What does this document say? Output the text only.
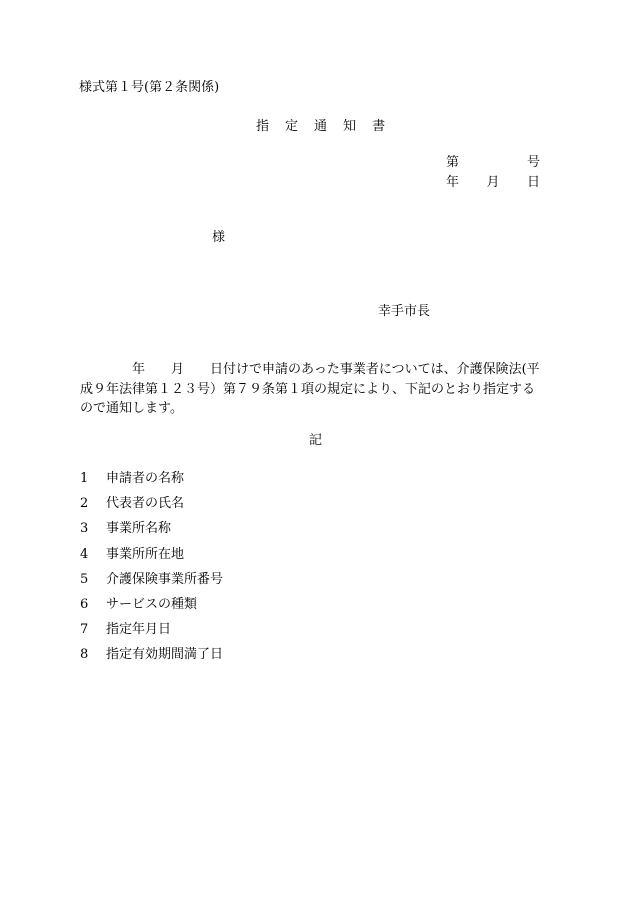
様式第１号(第２条関係)
指 定 通 知 書
第	号
年 月 日
様
幸手市長

年　　月　　日付けで申請のあった事業者については、介護保険法(平

成９年法律第１２３号）第７９条第１項の規定により、下記のとおり指定する

ので通知します。

記
1	申請者の名称
2	代表者の氏名
3	事業所名称
4	事業所所在地
5	介護保険事業所番号
6	サービスの種類
7	指定年月日
8	指定有効期間満了日
